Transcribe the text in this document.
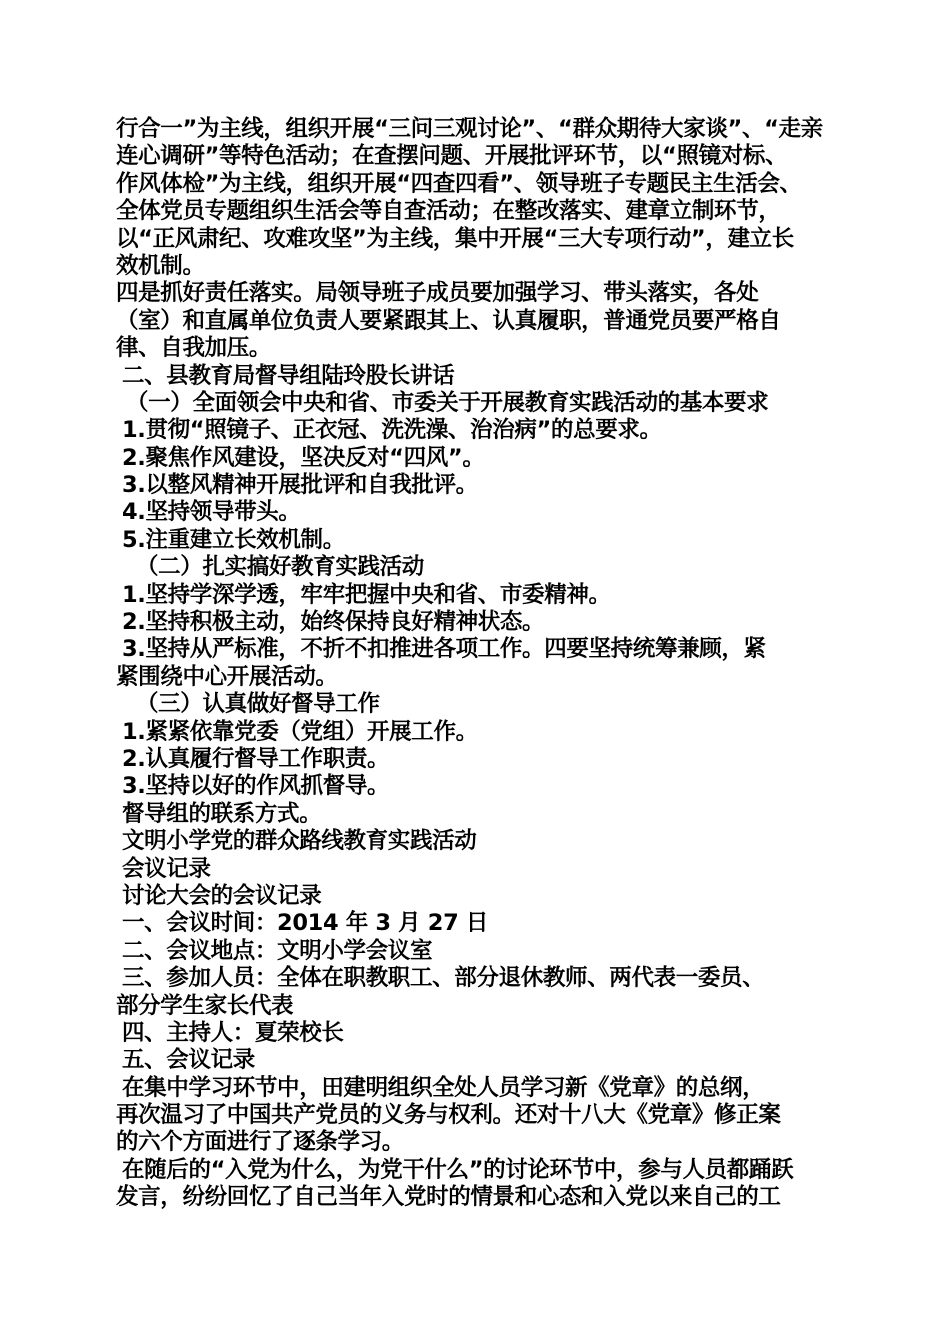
行合一”为主线，组织开展“三问三观讨论”、“群众期待大家谈”、“走亲
连心调研”等特色活动；在查摆问题、开展批评环节，以“照镜对标、
作风体检”为主线，组织开展“四查四看”、领导班子专题民主生活会、
全体党员专题组织生活会等自查活动；在整改落实、建章立制环节，
以“正风肃纪、攻难攻坚”为主线，集中开展“三大专项行动”，建立长
效机制。
四是抓好责任落实。局领导班子成员要加强学习、带头落实，各处
（室）和直属单位负责人要紧跟其上、认真履职，普通党员要严格自
律、自我加压。
二、县教育局督导组陆玲股长讲话
（一）全面领会中央和省、市委关于开展教育实践活动的基本要求
1.贯彻“照镜子、正衣冠、洗洗澡、治治病”的总要求。
2.聚焦作风建设，坚决反对“四风”。
3.以整风精神开展批评和自我批评。
4.坚持领导带头。
5.注重建立长效机制。
（二）扎实搞好教育实践活动
1.坚持学深学透，牢牢把握中央和省、市委精神。
2.坚持积极主动，始终保持良好精神状态。
3.坚持从严标准，不折不扣推进各项工作。四要坚持统筹兼顾，紧
紧围绕中心开展活动。
（三）认真做好督导工作
1.紧紧依靠党委（党组）开展工作。
2.认真履行督导工作职责。
3.坚持以好的作风抓督导。
督导组的联系方式。
文明小学党的群众路线教育实践活动
会议记录
讨论大会的会议记录
一、会议时间：2014 年 3 月 27 日
二、会议地点：文明小学会议室
三、参加人员：全体在职教职工、部分退休教师、两代表一委员、
部分学生家长代表
四、主持人：夏荣校长
五、会议记录
在集中学习环节中，田建明组织全处人员学习新《党章》的总纲，
再次温习了中国共产党员的义务与权利。还对十八大《党章》修正案
的六个方面进行了逐条学习。
在随后的“入党为什么，为党干什么”的讨论环节中，参与人员都踊跃
发言，纷纷回忆了自己当年入党时的情景和心态和入党以来自己的工
